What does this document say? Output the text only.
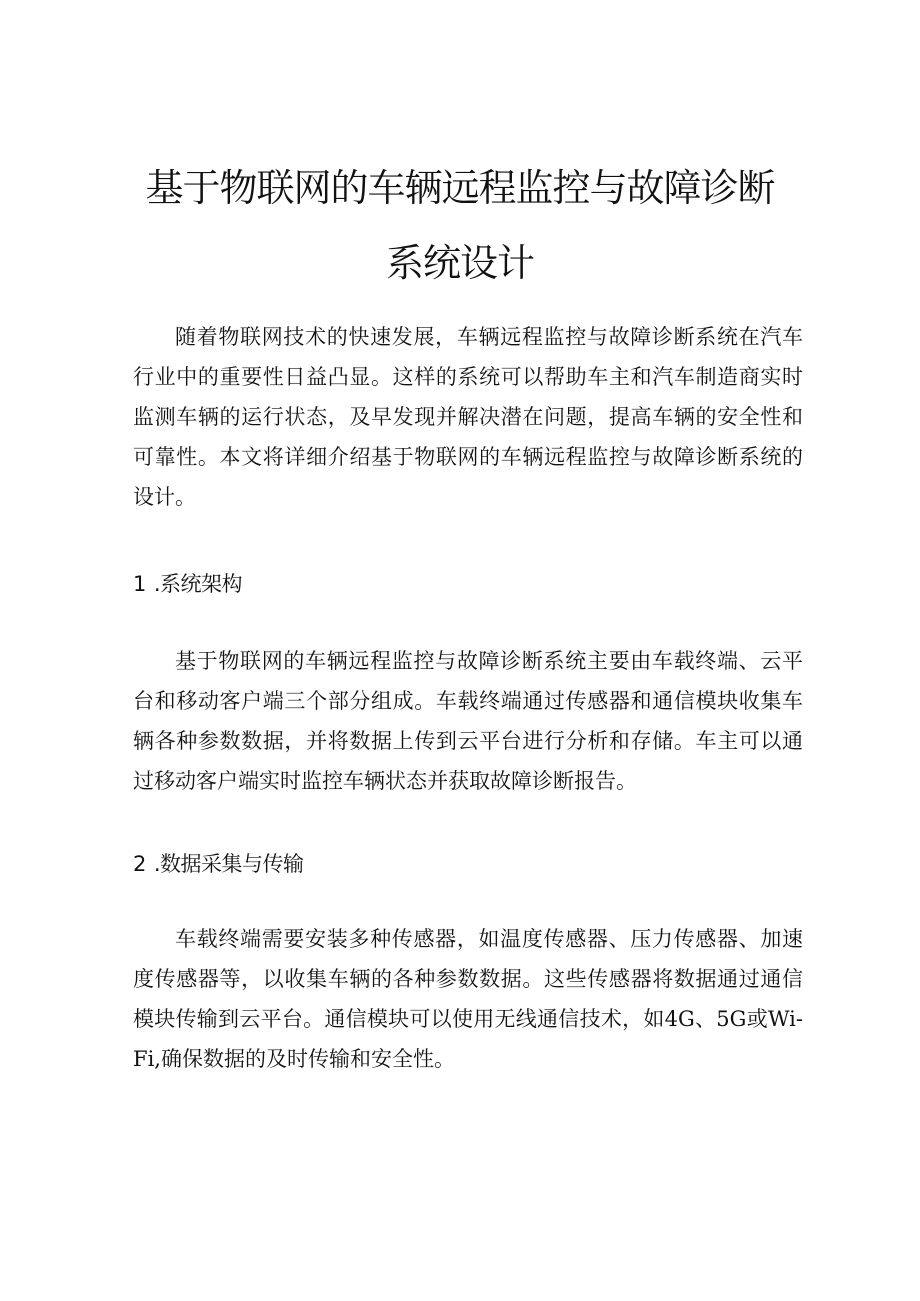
基于物联网的车辆远程监控与故障诊断
系统设计

随着物联网技术的快速发展，车辆远程监控与故障诊断系统在汽车行业中的重要性日益凸显。这样的系统可以帮助车主和汽车制造商实时监测车辆的运行状态，及早发现并解决潜在问题，提高车辆的安全性和可靠性。本文将详细介绍基于物联网的车辆远程监控与故障诊断系统的设计。

1 .系统架构

基于物联网的车辆远程监控与故障诊断系统主要由车载终端、云平台和移动客户端三个部分组成。车载终端通过传感器和通信模块收集车辆各种参数数据，并将数据上传到云平台进行分析和存储。车主可以通过移动客户端实时监控车辆状态并获取故障诊断报告。

2 .数据采集与传输

车载终端需要安装多种传感器，如温度传感器、压力传感器、加速度传感器等，以收集车辆的各种参数数据。这些传感器将数据通过通信模块传输到云平台。通信模块可以使用无线通信技术，如4G、5G或Wi-Fi,确保数据的及时传输和安全性。
